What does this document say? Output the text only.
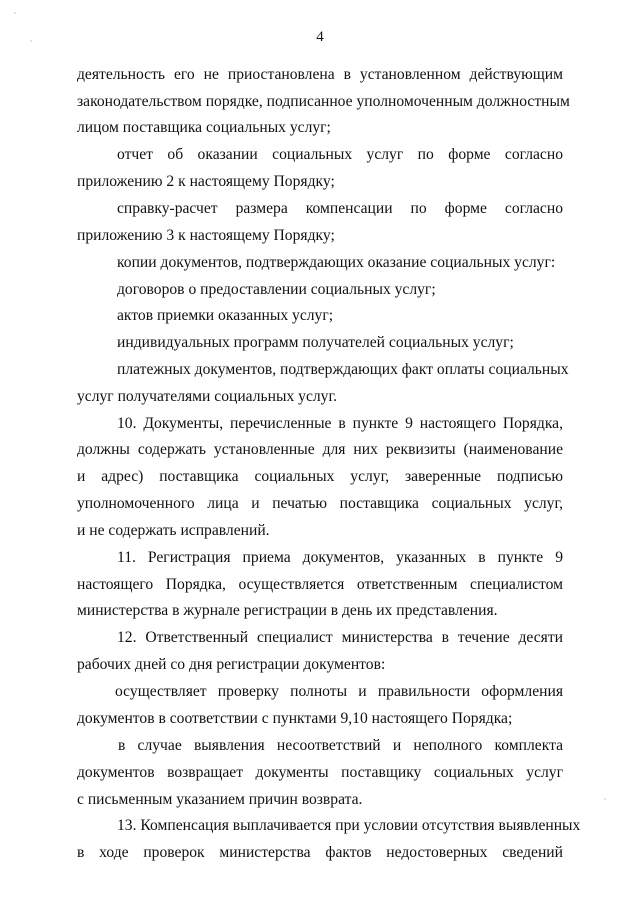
4
деятельность его не приостановлена в установленном действующим
законодательством порядке, подписанное уполномоченным должностным
лицом поставщика социальных услуг;
отчет об оказании социальных услуг по форме согласно
приложению 2 к настоящему Порядку;
справку-расчет размера компенсации по форме согласно
приложению 3 к настоящему Порядку;
копии документов, подтверждающих оказание социальных услуг:
договоров о предоставлении социальных услуг;
актов приемки оказанных услуг;
индивидуальных программ получателей социальных услуг;
платежных документов, подтверждающих факт оплаты социальных
услуг получателями социальных услуг.
10. Документы, перечисленные в пункте 9 настоящего Порядка,
должны содержать установленные для них реквизиты (наименование
и адрес) поставщика социальных услуг, заверенные подписью
уполномоченного лица и печатью поставщика социальных услуг,
и не содержать исправлений.
11. Регистрация приема документов, указанных в пункте 9
настоящего Порядка, осуществляется ответственным специалистом
министерства в журнале регистрации в день их представления.
12. Ответственный специалист министерства в течение десяти
рабочих дней со дня регистрации документов:
осуществляет проверку полноты и правильности оформления
документов в соответствии с пунктами 9,10 настоящего Порядка;
в случае выявления несоответствий и неполного комплекта
документов возвращает документы поставщику социальных услуг
с письменным указанием причин возврата.
13. Компенсация выплачивается при условии отсутствия выявленных
в ходе проверок министерства фактов недостоверных сведений
